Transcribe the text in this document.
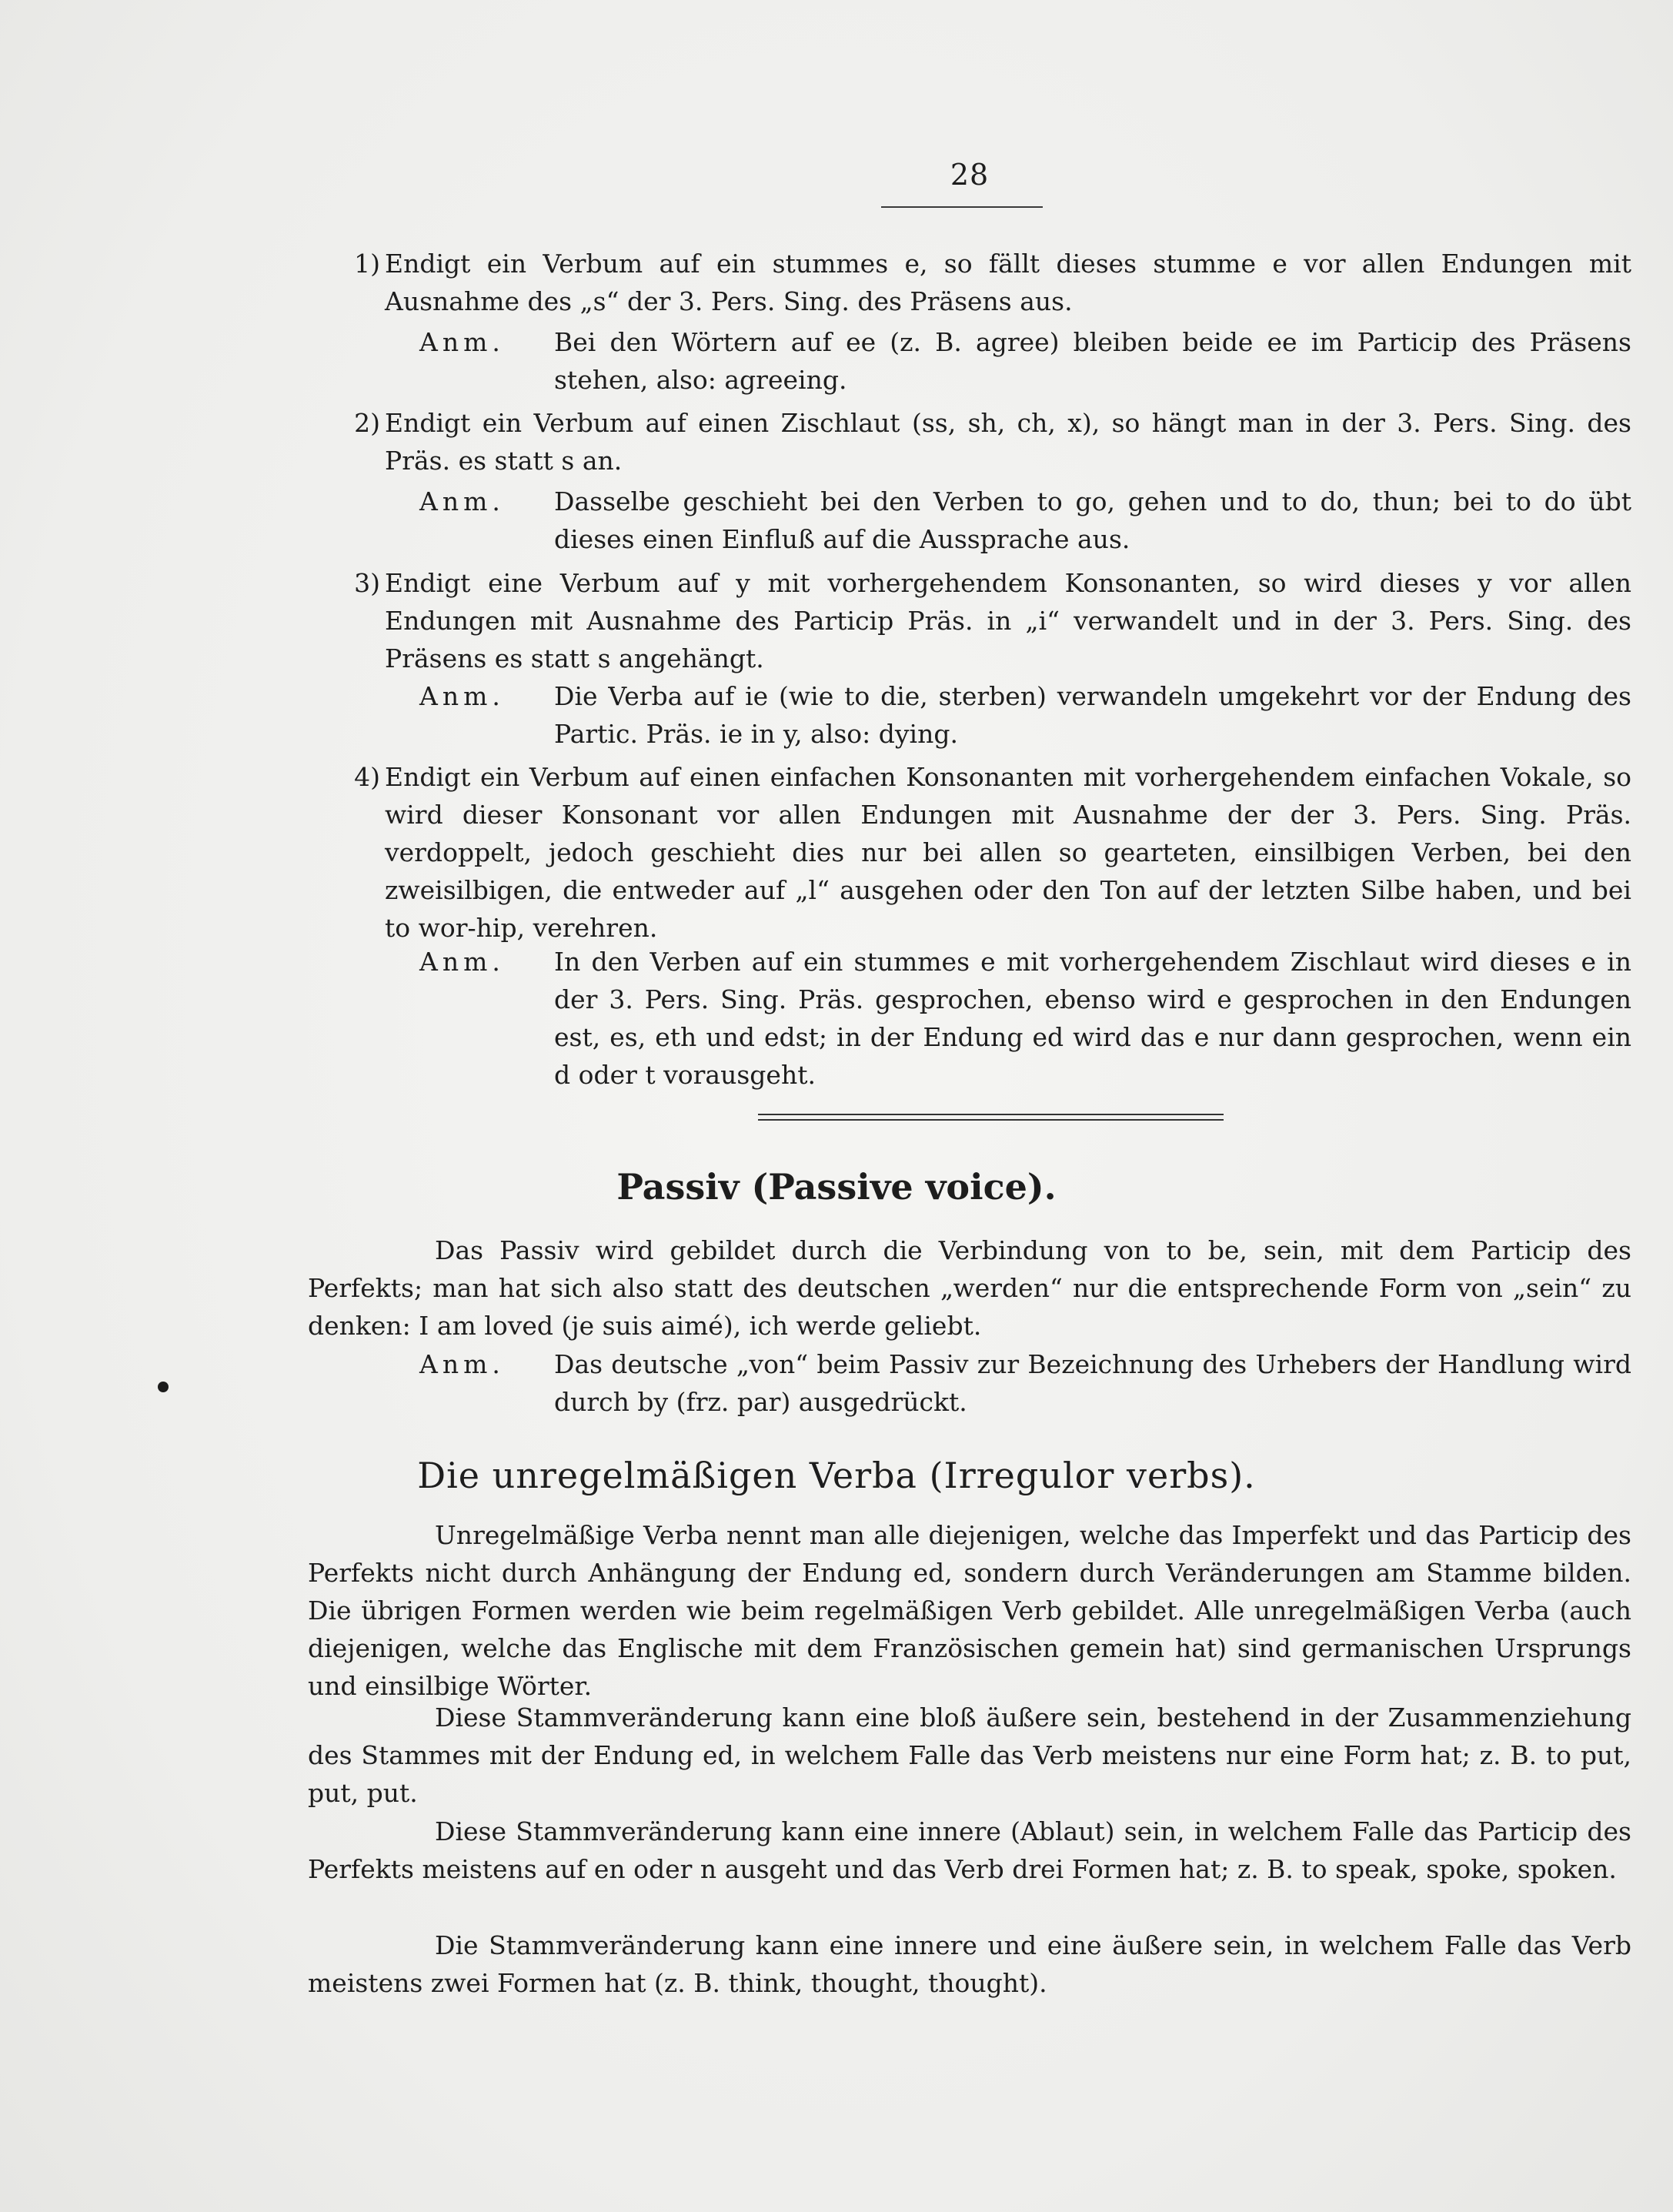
28
1) Endigt ein Verbum auf ein stummes e, so fällt dieses stumme e vor allen Endungen mit Ausnahme des „s“ der 3. Pers. Sing. des Präsens aus.

Anm.	Bei den Wörtern auf ee (z. B. agree) bleiben beide ee im Particip des Präsens stehen, also: agreeing.

2) Endigt ein Verbum auf einen Zischlaut (ss, sh, ch, x), so hängt man in der 3. Pers. Sing. des Präs. es statt s an.

Anm.	Dasselbe geschieht bei den Verben to go, gehen und to do, thun; bei to do übt dieses einen Einfluß auf die Aussprache aus.

3) Endigt eine Verbum auf y mit vorhergehendem Konsonanten, so wird dieses y vor allen Endungen mit Ausnahme des Particip Präs. in „i“ verwandelt und in der 3. Pers. Sing. des Präsens es statt s angehängt.

Anm.	Die Verba auf ie (wie to die, sterben) verwandeln umgekehrt vor der Endung des Partic. Präs. ie in y, also: dying.

4) Endigt ein Verbum auf einen einfachen Konsonanten mit vorhergehendem einfachen Vokale, so wird dieser Konsonant vor allen Endungen mit Ausnahme der der 3. Pers. Sing. Präs. verdoppelt, jedoch geschieht dies nur bei allen so gearteten, einsilbigen Verben, bei den zweisilbigen, die entweder auf „l“ ausgehen oder den Ton auf der letzten Silbe haben, und bei to wor-hip, verehren.

Anm.	In den Verben auf ein stummes e mit vorhergehendem Zischlaut wird dieses e in der 3. Pers. Sing. Präs. gesprochen, ebenso wird e gesprochen in den Endungen est, es, eth und edst; in der Endung ed wird das e nur dann gesprochen, wenn ein d oder t vorausgeht.

Passiv (Passive voice).

Das Passiv wird gebildet durch die Verbindung von to be, sein, mit dem Particip des Perfekts; man hat sich also statt des deutschen „werden“ nur die entsprechende Form von „sein“ zu denken: I am loved (je suis aimé), ich werde geliebt.

Anm.	Das deutsche „von“ beim Passiv zur Bezeichnung des Urhebers der Handlung wird durch by (frz. par) ausgedrückt.

Die unregelmäßigen Verba (Irregulor verbs).

Unregelmäßige Verba nennt man alle diejenigen, welche das Imperfekt und das Particip des Perfekts nicht durch Anhängung der Endung ed, sondern durch Veränderungen am Stamme bilden. Die übrigen Formen werden wie beim regelmäßigen Verb gebildet. Alle unregelmäßigen Verba (auch diejenigen, welche das Englische mit dem Französischen gemein hat) sind germanischen Ursprungs und einsilbige Wörter.

Diese Stammveränderung kann eine bloß äußere sein, bestehend in der Zusammenziehung des Stammes mit der Endung ed, in welchem Falle das Verb meistens nur eine Form hat; z. B. to put, put, put.

Diese Stammveränderung kann eine innere (Ablaut) sein, in welchem Falle das Particip des Perfekts meistens auf en oder n ausgeht und das Verb drei Formen hat; z. B. to speak, spoke, spoken.

Die Stammveränderung kann eine innere und eine äußere sein, in welchem Falle das Verb meistens zwei Formen hat (z. B. think, thought, thought).
